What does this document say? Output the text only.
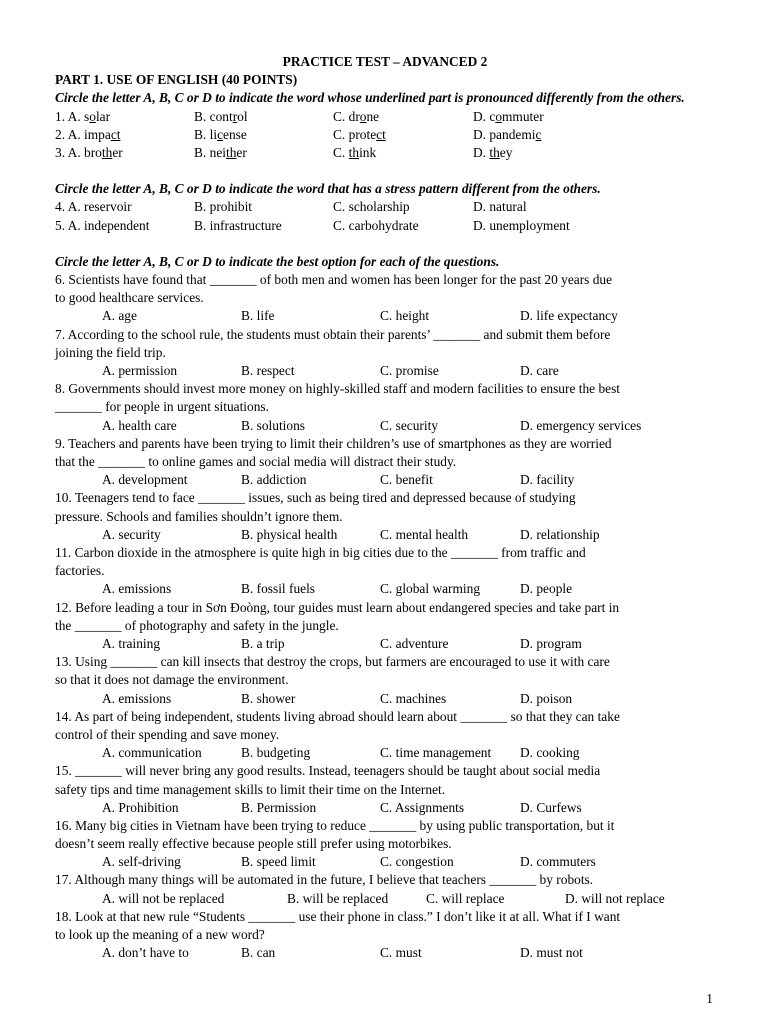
PRACTICE TEST – ADVANCED 2

PART 1. USE OF ENGLISH (40 POINTS)

Circle the letter A, B, C or D to indicate the word whose underlined part is pronounced differently from the others.

1. A. solar	B. control	C. drone	D. commuter
2. A. impact	B. license	C. protect	D. pandemic
3. A. brother	B. neither	C. think	D. they

Circle the letter A, B, C or D to indicate the word that has a stress pattern different from the others.

4. A. reservoir	B. prohibit	C. scholarship	D. natural
5. A. independent	B. infrastructure	C. carbohydrate	D. unemployment

Circle the letter A, B, C or D to indicate the best option for each of the questions.

6. Scientists have found that _______ of both men and women has been longer for the past 20 years due

to good healthcare services.

A. age	B. life	C. height	D. life expectancy

7. According to the school rule, the students must obtain their parents’ _______ and submit them before

joining the field trip.

A. permission	B. respect	C. promise	D. care

8. Governments should invest more money on highly-skilled staff and modern facilities to ensure the best

_______ for people in urgent situations.

A. health care	B. solutions	C. security	D. emergency services

9. Teachers and parents have been trying to limit their children’s use of smartphones as they are worried

that the _______ to online games and social media will distract their study.

A. development	B. addiction	C. benefit	D. facility

10. Teenagers tend to face _______ issues, such as being tired and depressed because of studying

pressure. Schools and families shouldn’t ignore them.

A. security	B. physical health	C. mental health	D. relationship

11. Carbon dioxide in the atmosphere is quite high in big cities due to the _______ from traffic and

factories.

A. emissions	B. fossil fuels	C. global warming	D. people

12. Before leading a tour in Sơn Đoòng, tour guides must learn about endangered species and take part in

the _______ of photography and safety in the jungle.

A. training	B. a trip	C. adventure	D. program

13. Using _______ can kill insects that destroy the crops, but farmers are encouraged to use it with care

so that it does not damage the environment.

A. emissions	B. shower	C. machines	D. poison

14. As part of being independent, students living abroad should learn about _______ so that they can take

control of their spending and save money.

A. communication	B. budgeting	C. time management D. cooking

15. _______ will never bring any good results. Instead, teenagers should be taught about social media

safety tips and time management skills to limit their time on the Internet.

A. Prohibition	B. Permission	C. Assignments	D. Curfews

16. Many big cities in Vietnam have been trying to reduce _______ by using public transportation, but it

doesn’t seem really effective because people still prefer using motorbikes.

A. self-driving	B. speed limit	C. congestion	D. commuters

17. Although many things will be automated in the future, I believe that teachers _______ by robots.

A. will not be replaced	B. will be replaced	C. will replace	D. will not replace

18. Look at that new rule “Students _______ use their phone in class.” I don’t like it at all. What if I want

to look up the meaning of a new word?

A. don’t have to	B. can	C. must	D. must not
1
